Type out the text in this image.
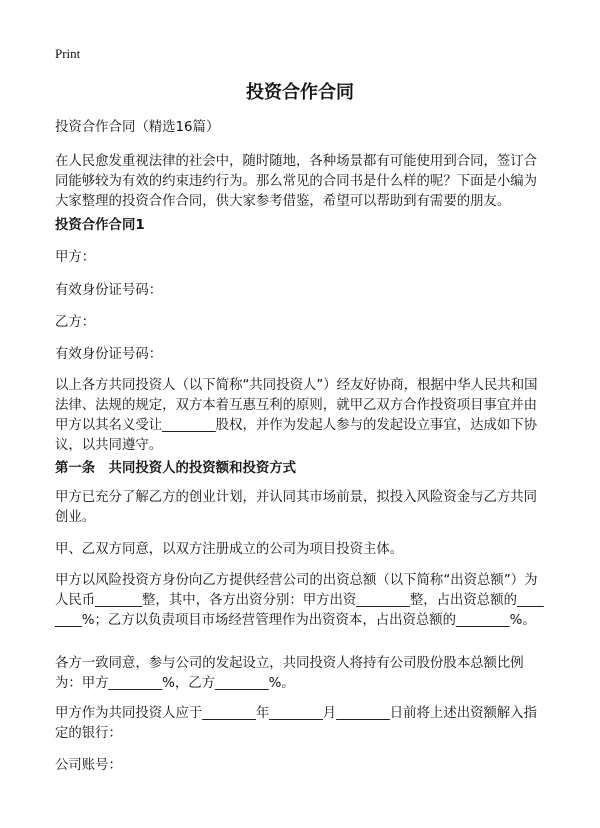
Print
投资合作合同

投资合作合同（精选16篇）

在人民愈发重视法律的社会中，随时随地，各种场景都有可能使用到合同，签订合同能够较为有效的约束违约行为。那么常见的合同书是什么样的呢？下面是小编为大家整理的投资合作合同，供大家参考借鉴，希望可以帮助到有需要的朋友。

投资合作合同1

甲方：

有效身份证号码：

乙方：

有效身份证号码：

以上各方共同投资人（以下简称“共同投资人”）经友好协商，根据中华人民共和国法律、法规的规定，双方本着互惠互利的原则，就甲乙双方合作投资项目事宜并由甲方以其名义受让________股权，并作为发起人参与的发起设立事宜，达成如下协议，以共同遵守。

第一条　共同投资人的投资额和投资方式

甲方已充分了解乙方的创业计划，并认同其市场前景，拟投入风险资金与乙方共同创业。

甲、乙双方同意，以双方注册成立的公司为项目投资主体。

甲方以风险投资方身份向乙方提供经营公司的出资总额（以下简称“出资总额”）为人民币_______整，其中，各方出资分别：甲方出资________整，占出资总额的________%；乙方以负责项目市场经营管理作为出资资本，占出资总额的________%。

各方一致同意，参与公司的发起设立，共同投资人将持有公司股份股本总额比例为：甲方________%，乙方________%。

甲方作为共同投资人应于________年________月________日前将上述出资额解入指定的银行：

公司账号：
